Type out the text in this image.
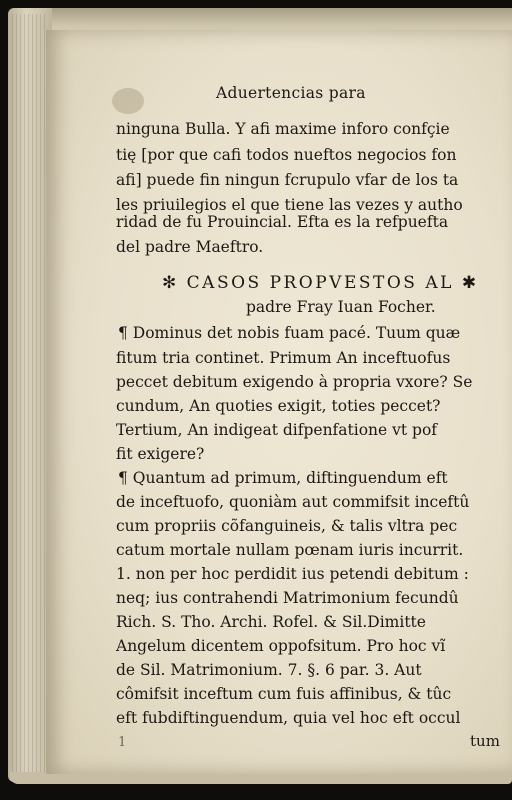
Aduertencias para
ninguna Bulla. Y afi maxime inforo confçie
tię [por que cafi todos nueftos negocios fon
afi] puede fin ningun fcrupulo vfar de los ta
les priuilegios el que tiene las vezes y autho
ridad de fu Prouincial. Efta es la refpuefta
del padre Maeftro.
✻ CASOS PROPVESTOS AL ✱
padre Fray Iuan Focher.
¶ Dominus det nobis fuam pacé. Tuum quæ
fitum tria continet. Primum An inceftuofus
peccet debitum exigendo à propria vxore? Se
cundum, An quoties exigit, toties peccet?
Tertium, An indigeat difpenfatione vt pof
fit exigere?
¶ Quantum ad primum, diftinguendum eft
de inceftuofo, quoniàm aut commifsit inceftû
cum propriis cõfanguineis, & talis vltra pec
catum mortale nullam pœnam iuris incurrit.
1. non per hoc perdidit ius petendi debitum :
neq; ius contrahendi Matrimonium fecundû
Rich. S. Tho. Archi. Rofel. & Sil.Dimitte
Angelum dicentem oppofsitum. Pro hoc vĩ
de Sil. Matrimonium. 7. §. 6 par. 3. Aut
cômifsit inceftum cum fuis affinibus, & tûc
eft fubdiftinguendum, quia vel hoc eft occul
tum
1
